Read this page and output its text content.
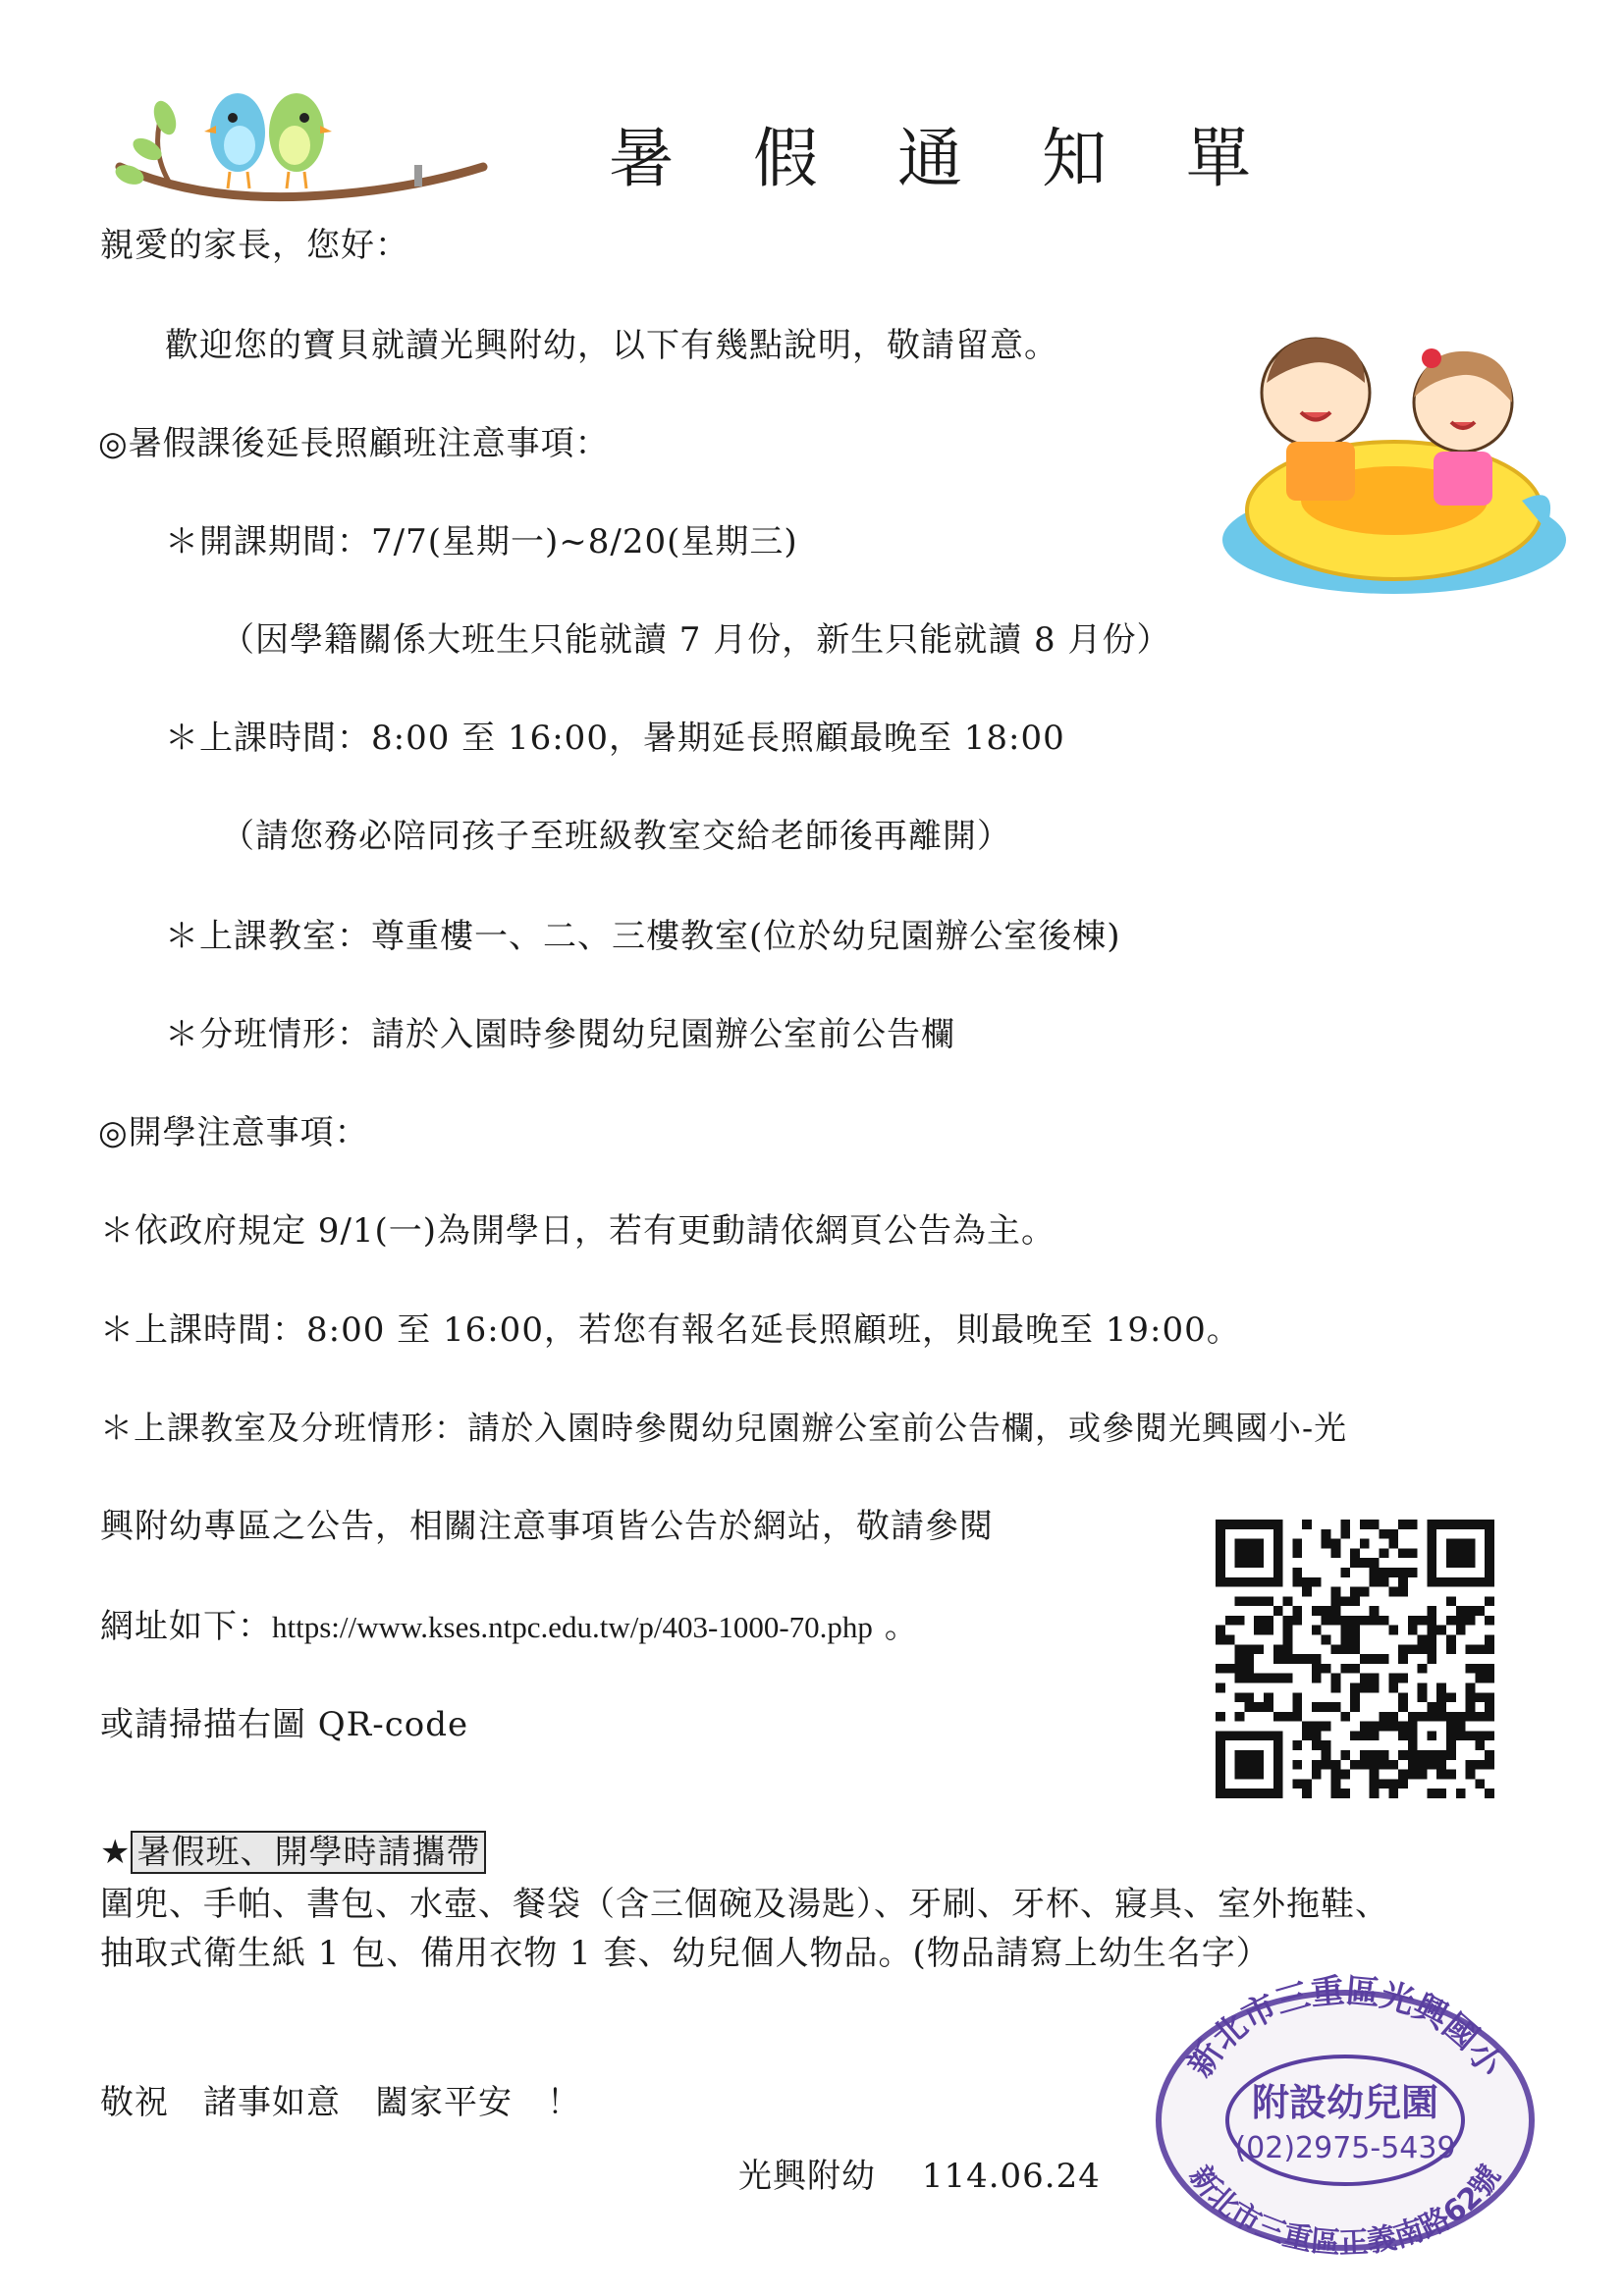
暑 假 通 知 單
親愛的家長，您好：
歡迎您的寶貝就讀光興附幼，以下有幾點說明，敬請留意。
◎暑假課後延長照顧班注意事項：
＊開課期間：7/7(星期一)~8/20(星期三)
（因學籍關係大班生只能就讀 7 月份，新生只能就讀 8 月份）
＊上課時間：8:00 至 16:00，暑期延長照顧最晚至 18:00
（請您務必陪同孩子至班級教室交給老師後再離開）
＊上課教室：尊重樓一、二、三樓教室(位於幼兒園辦公室後棟)
＊分班情形：請於入園時參閱幼兒園辦公室前公告欄
◎開學注意事項：
＊依政府規定 9/1(一)為開學日，若有更動請依網頁公告為主。
＊上課時間：8:00 至 16:00，若您有報名延長照顧班，則最晚至 19:00。
＊上課教室及分班情形：請於入園時參閱幼兒園辦公室前公告欄，或參閱光興國小-光
興附幼專區之公告，相關注意事項皆公告於網站，敬請參閱
網址如下：https://www.kses.ntpc.edu.tw/p/403-1000-70.php 。
或請掃描右圖 QR-code
★ 暑假班、開學時請攜帶
圍兜、手帕、書包、水壺、餐袋（含三個碗及湯匙）、牙刷、牙杯、寢具、室外拖鞋、
抽取式衛生紙 1 包、備用衣物 1 套、幼兒個人物品。(物品請寫上幼生名字）
敬祝　諸事如意　闔家平安　！
光興附幼　 114.06.24
新北市三重區光興國小
附設幼兒園
(02)2975-5439
新北市三重區正義南路62號
